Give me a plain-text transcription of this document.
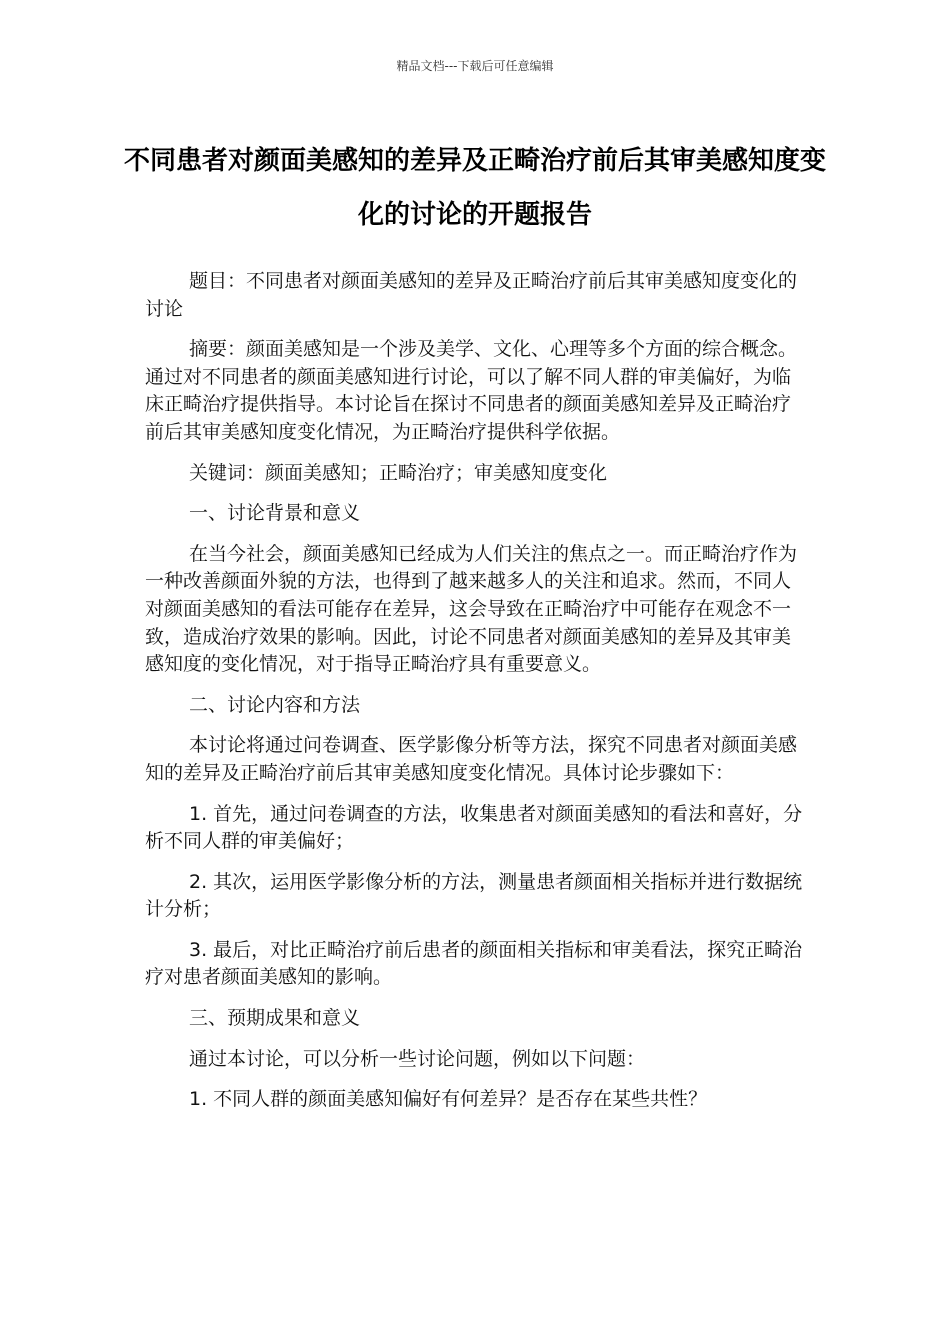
精品文档---下载后可任意编辑
不同患者对颜面美感知的差异及正畸治疗前后其审美感知度变化的讨论的开题报告

题目：不同患者对颜面美感知的差异及正畸治疗前后其审美感知度变化的讨论

摘要：颜面美感知是一个涉及美学、文化、心理等多个方面的综合概念。通过对不同患者的颜面美感知进行讨论，可以了解不同人群的审美偏好，为临床正畸治疗提供指导。本讨论旨在探讨不同患者的颜面美感知差异及正畸治疗前后其审美感知度变化情况，为正畸治疗提供科学依据。

关键词：颜面美感知；正畸治疗；审美感知度变化

一、讨论背景和意义

在当今社会，颜面美感知已经成为人们关注的焦点之一。而正畸治疗作为一种改善颜面外貌的方法，也得到了越来越多人的关注和追求。然而，不同人对颜面美感知的看法可能存在差异，这会导致在正畸治疗中可能存在观念不一致，造成治疗效果的影响。因此，讨论不同患者对颜面美感知的差异及其审美感知度的变化情况，对于指导正畸治疗具有重要意义。

二、讨论内容和方法

本讨论将通过问卷调查、医学影像分析等方法，探究不同患者对颜面美感知的差异及正畸治疗前后其审美感知度变化情况。具体讨论步骤如下：

1. 首先，通过问卷调查的方法，收集患者对颜面美感知的看法和喜好，分析不同人群的审美偏好；

2. 其次，运用医学影像分析的方法，测量患者颜面相关指标并进行数据统计分析；

3. 最后，对比正畸治疗前后患者的颜面相关指标和审美看法，探究正畸治疗对患者颜面美感知的影响。

三、预期成果和意义

通过本讨论，可以分析一些讨论问题，例如以下问题：

1. 不同人群的颜面美感知偏好有何差异？是否存在某些共性？
